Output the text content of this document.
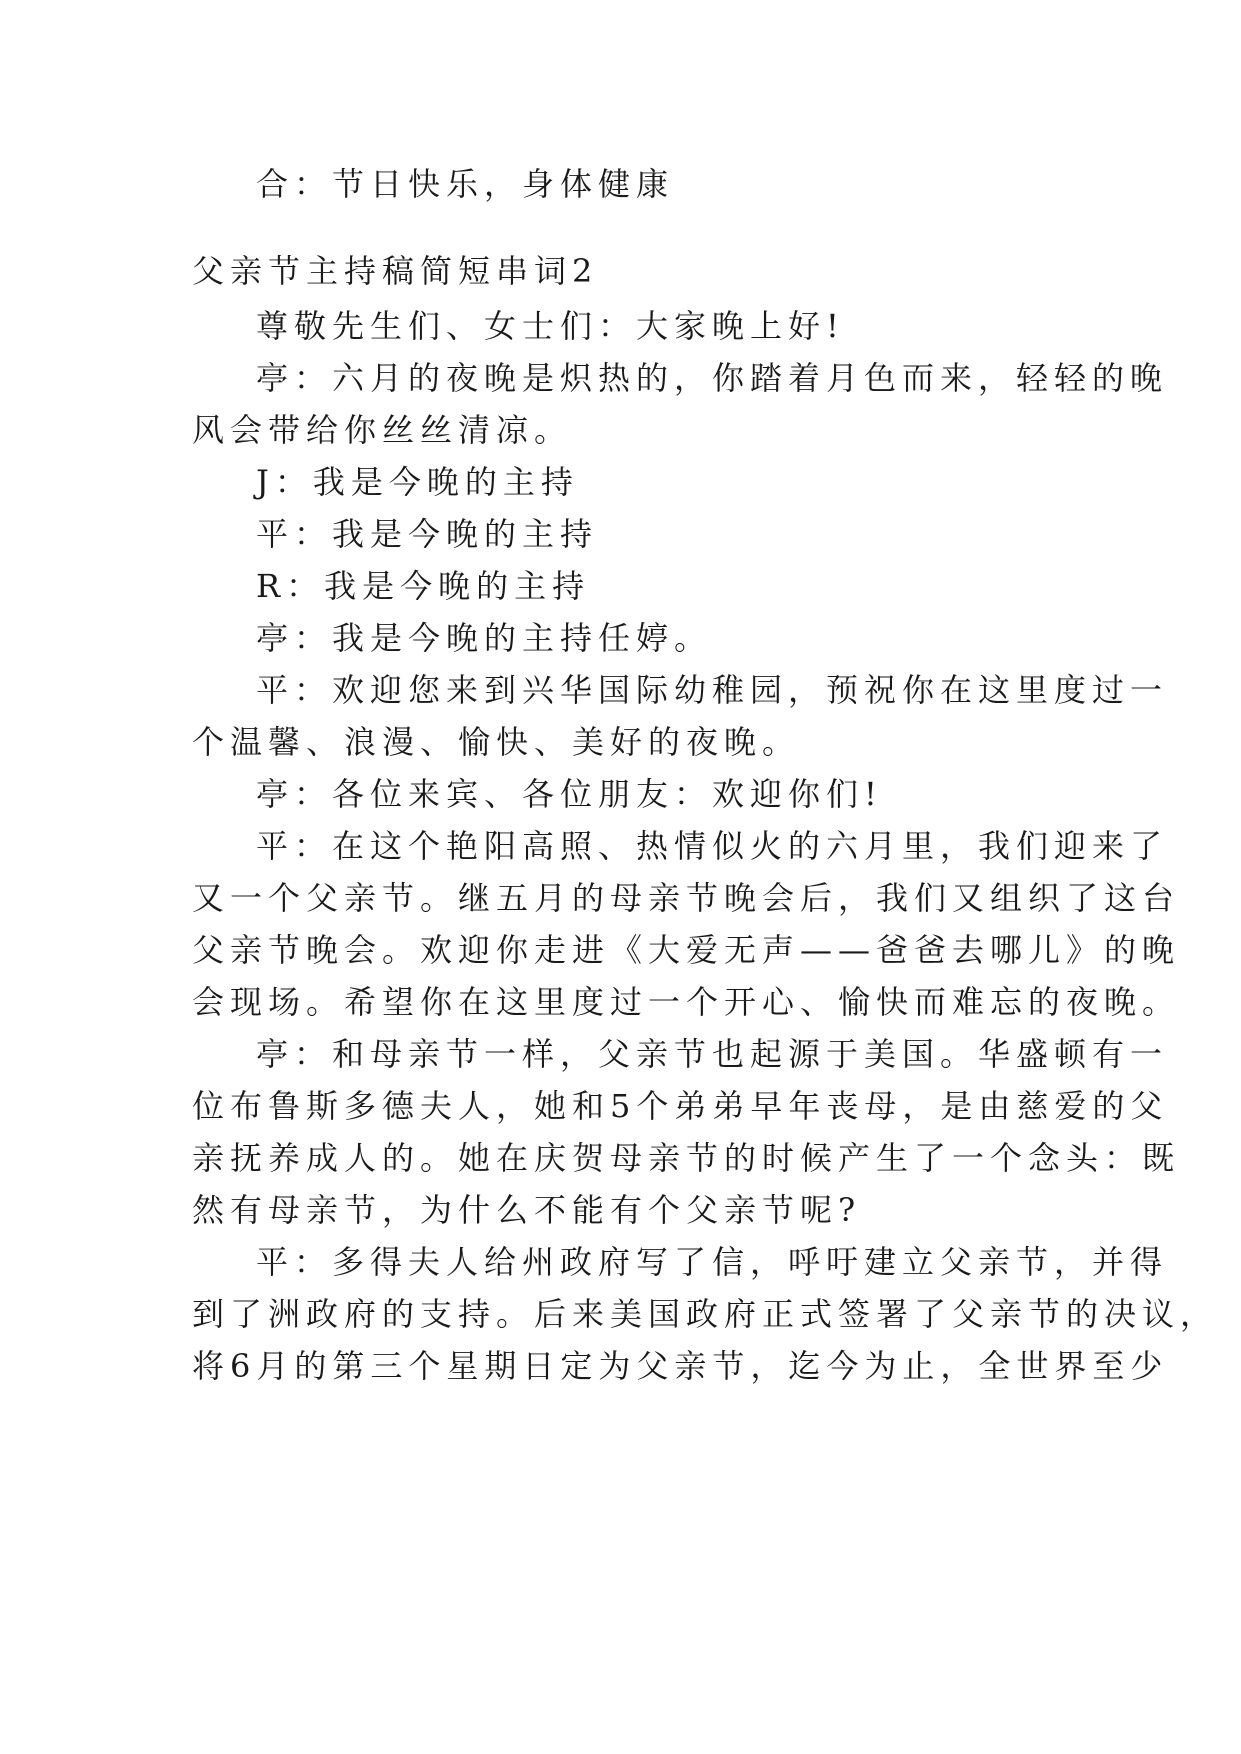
合：节日快乐，身体健康
父亲节主持稿简短串词2
尊敬先生们、女士们：大家晚上好!
亭：六月的夜晚是炽热的，你踏着月色而来，轻轻的晚
风会带给你丝丝清凉。
J：我是今晚的主持
平：我是今晚的主持
R：我是今晚的主持
亭：我是今晚的主持任婷。
平：欢迎您来到兴华国际幼稚园，预祝你在这里度过一
个温馨、浪漫、愉快、美好的夜晚。
亭：各位来宾、各位朋友：欢迎你们!
平：在这个艳阳高照、热情似火的六月里，我们迎来了
又一个父亲节。继五月的母亲节晚会后，我们又组织了这台
父亲节晚会。欢迎你走进《大爱无声——爸爸去哪儿》的晚
会现场。希望你在这里度过一个开心、愉快而难忘的夜晚。
亭：和母亲节一样，父亲节也起源于美国。华盛顿有一
位布鲁斯多德夫人，她和5个弟弟早年丧母，是由慈爱的父
亲抚养成人的。她在庆贺母亲节的时候产生了一个念头：既
然有母亲节，为什么不能有个父亲节呢?
平：多得夫人给州政府写了信，呼吁建立父亲节，并得
到了洲政府的支持。后来美国政府正式签署了父亲节的决议，
将6月的第三个星期日定为父亲节，迄今为止，全世界至少
